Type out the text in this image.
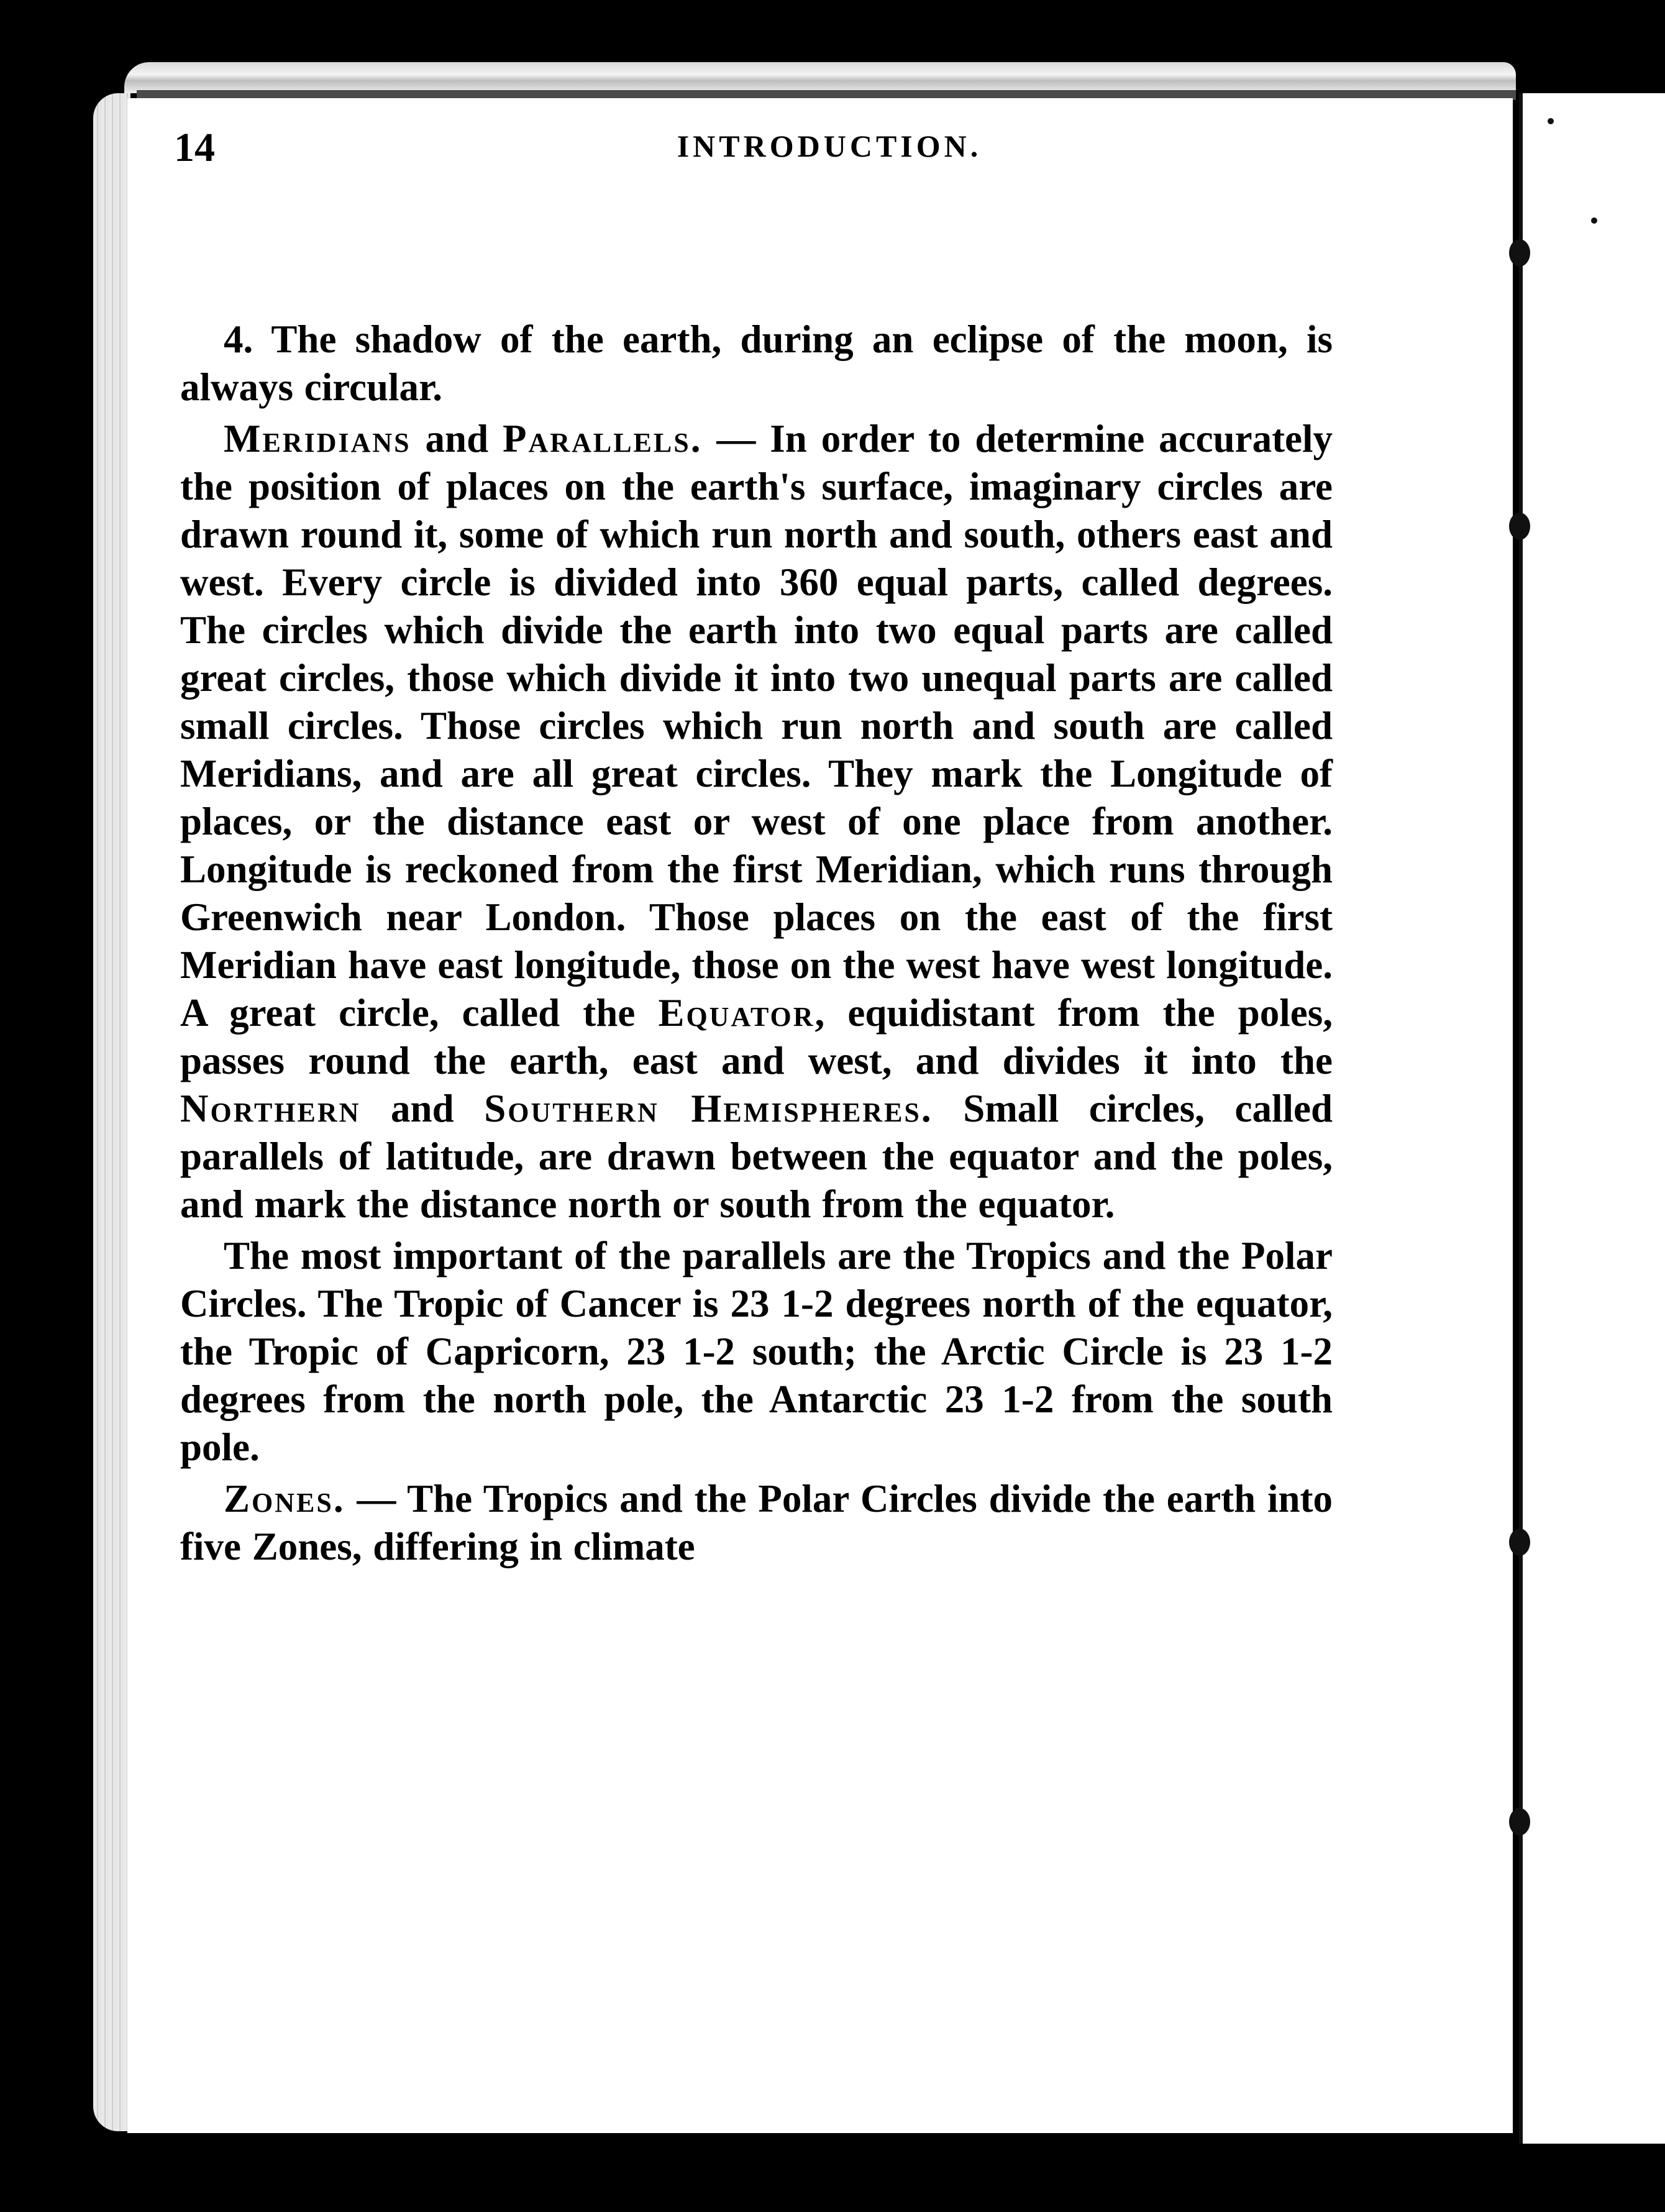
14	INTRODUCTION.

4. The shadow of the earth, during an eclipse of the moon, is always circular.

Meridians and Parallels. — In order to determine accurately the position of places on the earth's surface, imaginary circles are drawn round it, some of which run north and south, others east and west. Every circle is divided into 360 equal parts, called degrees. The circles which divide the earth into two equal parts are called great circles, those which divide it into two unequal parts are called small circles. Those circles which run north and south are called Meridians, and are all great circles. They mark the Longitude of places, or the distance east or west of one place from another. Longitude is reckoned from the first Meridian, which runs through Greenwich near London. Those places on the east of the first Meridian have east longitude, those on the west have west longitude. A great circle, called the Equator, equidistant from the poles, passes round the earth, east and west, and divides it into the Northern and Southern Hemispheres. Small circles, called parallels of latitude, are drawn between the equator and the poles, and mark the distance north or south from the equator.

The most important of the parallels are the Tropics and the Polar Circles. The Tropic of Cancer is 23 1-2 degrees north of the equator, the Tropic of Capricorn, 23 1-2 south; the Arctic Circle is 23 1-2 degrees from the north pole, the Antarctic 23 1-2 from the south pole.

Zones. — The Tropics and the Polar Circles divide the earth into five Zones, differing in climate
